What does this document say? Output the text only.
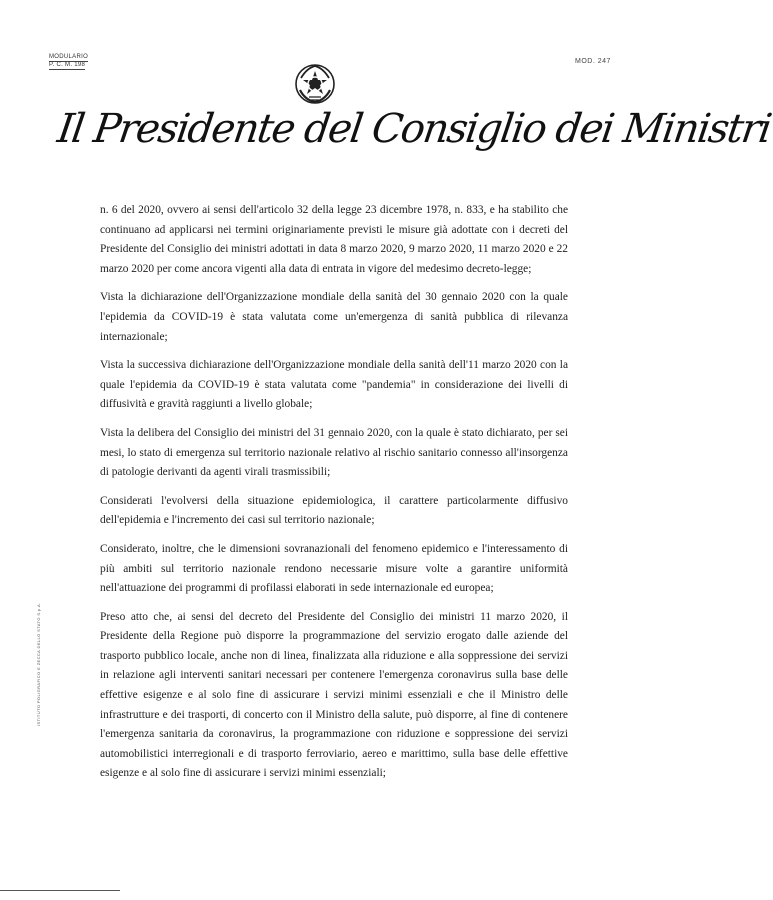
MODULARIO
P. C. M. 198	MOD. 247
Il Presidente del Consiglio dei Ministri

n. 6 del 2020, ovvero ai sensi dell'articolo 32 della legge 23 dicembre 1978, n. 833, e ha stabilito che continuano ad applicarsi nei termini originariamente previsti le misure già adottate con i decreti del Presidente del Consiglio dei ministri adottati in data 8 marzo 2020, 9 marzo 2020, 11 marzo 2020 e 22 marzo 2020 per come ancora vigenti alla data di entrata in vigore del medesimo decreto-legge;

Vista la dichiarazione dell'Organizzazione mondiale della sanità del 30 gennaio 2020 con la quale l'epidemia da COVID-19 è stata valutata come un'emergenza di sanità pubblica di rilevanza internazionale;

Vista la successiva dichiarazione dell'Organizzazione mondiale della sanità dell'11 marzo 2020 con la quale l'epidemia da COVID-19 è stata valutata come "pandemia" in considerazione dei livelli di diffusività e gravità raggiunti a livello globale;

Vista la delibera del Consiglio dei ministri del 31 gennaio 2020, con la quale è stato dichiarato, per sei mesi, lo stato di emergenza sul territorio nazionale relativo al rischio sanitario connesso all'insorgenza di patologie derivanti da agenti virali trasmissibili;

Considerati l'evolversi della situazione epidemiologica, il carattere particolarmente diffusivo dell'epidemia e l'incremento dei casi sul territorio nazionale;

Considerato, inoltre, che le dimensioni sovranazionali del fenomeno epidemico e l'interessamento di più ambiti sul territorio nazionale rendono necessarie misure volte a garantire uniformità nell'attuazione dei programmi di profilassi elaborati in sede internazionale ed europea;

Preso atto che, ai sensi del decreto del Presidente del Consiglio dei ministri 11 marzo 2020, il Presidente della Regione può disporre la programmazione del servizio erogato dalle aziende del trasporto pubblico locale, anche non di linea, finalizzata alla riduzione e alla soppressione dei servizi in relazione agli interventi sanitari necessari per contenere l'emergenza coronavirus sulla base delle effettive esigenze e al solo fine di assicurare i servizi minimi essenziali e che il Ministro delle infrastrutture e dei trasporti, di concerto con il Ministro della salute, può disporre, al fine di contenere l'emergenza sanitaria da coronavirus, la programmazione con riduzione e soppressione dei servizi automobilistici interregionali e di trasporto ferroviario, aereo e marittimo, sulla base delle effettive esigenze e al solo fine di assicurare i servizi minimi essenziali;

ISTITUTO POLIGRAFICO E ZECCA DELLO STATO S.p.A.
